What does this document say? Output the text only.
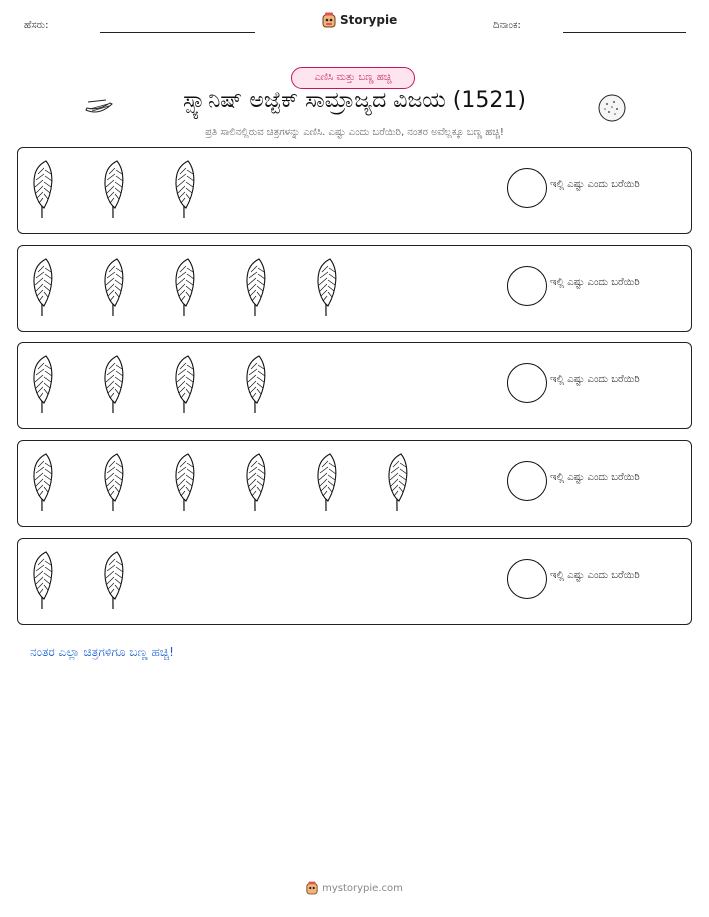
ಹೆಸರು:	Storypie	ದಿನಾಂಕ:
ಎಣಿಸಿ ಮತ್ತು ಬಣ್ಣ ಹಚ್ಚಿ
ಸ್ಪ್ಯಾನಿಷ್ ಅಜ್ಟೆಕ್ ಸಾಮ್ರಾಜ್ಯದ ವಿಜಯ (1521)
ಪ್ರತಿ ಸಾಲಿನಲ್ಲಿರುವ ಚಿತ್ರಗಳನ್ನು ಎಣಿಸಿ. ಎಷ್ಟು ಎಂದು ಬರೆಯಿರಿ, ನಂತರ ಅವೆಲ್ಲಕ್ಕೂ ಬಣ್ಣ ಹಚ್ಚಿ!
ಇಲ್ಲಿ ಎಷ್ಟು ಎಂದು ಬರೆಯಿರಿ
ಇಲ್ಲಿ ಎಷ್ಟು ಎಂದು ಬರೆಯಿರಿ
ಇಲ್ಲಿ ಎಷ್ಟು ಎಂದು ಬರೆಯಿರಿ
ಇಲ್ಲಿ ಎಷ್ಟು ಎಂದು ಬರೆಯಿರಿ
ಇಲ್ಲಿ ಎಷ್ಟು ಎಂದು ಬರೆಯಿರಿ
ನಂತರ ಎಲ್ಲಾ ಚಿತ್ರಗಳಿಗೂ ಬಣ್ಣ ಹಚ್ಚಿ!
mystorypie.com
